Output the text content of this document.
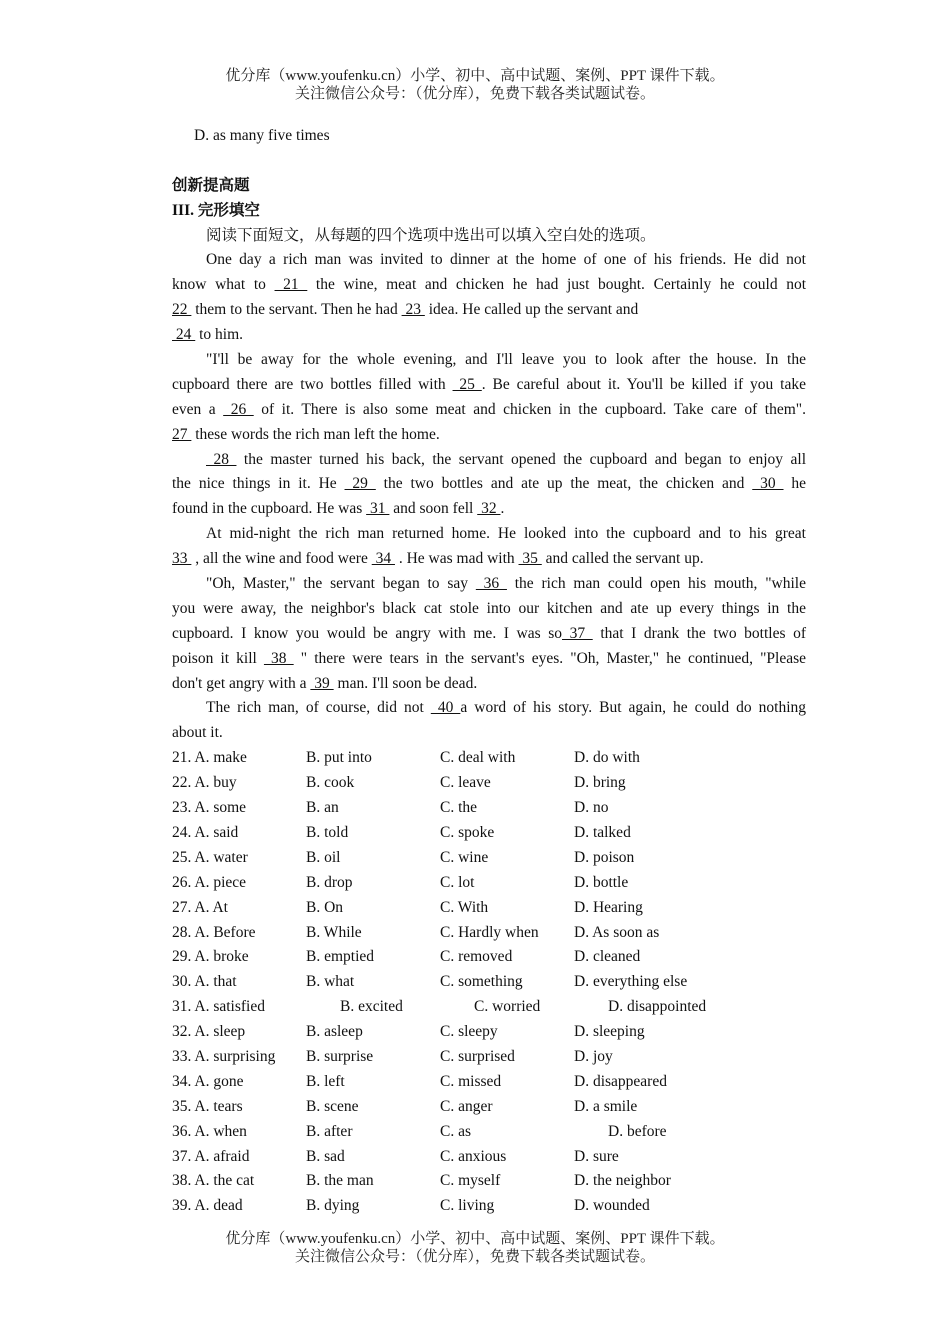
优分库（www.youfenku.cn）小学、初中、高中试题、案例、PPT 课件下载。
关注微信公众号：（优分库），免费下载各类试题试卷。
D. as many five times
创新提高题
III. 完形填空
阅读下面短文，从每题的四个选项中选出可以填入空白处的选项。
One day a rich man was invited to dinner at the home of one of his friends. He did not
know what to  21  the wine, meat and chicken he had just bought. Certainly he could not
22  them to the servant. Then he had  23  idea. He called up the servant and
24  to him.
"I'll be away for the whole evening, and I'll leave you to look after the house. In the
cupboard there are two bottles filled with  25 . Be careful about it. You'll be killed if you take
even a  26  of it. There is also some meat and chicken in the cupboard. Take care of them".
27  these words the rich man left the home.
28  the master turned his back, the servant opened the cupboard and began to enjoy all
the nice things in it. He  29  the two bottles and ate up the meat, the chicken and  30  he
found in the cupboard. He was  31  and soon fell  32 .
At mid-night the rich man returned home. He looked into the cupboard and to his great
33  , all the wine and food were  34  . He was mad with  35  and called the servant up.
"Oh, Master," the servant began to say  36  the rich man could open his mouth, "while
you were away, the neighbor's black cat stole into our kitchen and ate up every things in the
cupboard. I know you would be angry with me. I was so 37  that I drank the two bottles of
poison it kill  38  " there were tears in the servant's eyes. "Oh, Master," he continued, "Please
don't get angry with a  39  man. I'll soon be dead.
The rich man, of course, did not  40 a word of his story. But again, he could do nothing
about it.
21. A. make	B. put into	C. deal with	D. do with
22. A. buy	B. cook	C. leave	D. bring
23. A. some	B. an	C. the	D. no
24. A. said	B. told	C. spoke	D. talked
25. A. water	B. oil	C. wine	D. poison
26. A. piece	B. drop	C. lot	D. bottle
27. A. At	B. On	C. With	D. Hearing
28. A. Before	B. While	C. Hardly when D. As soon as
29. A. broke	B. emptied	C. removed	D. cleaned
30. A. that	B. what	C. something	D. everything else
31. A. satisfied	B. excited	C. worried	D. disappointed
32. A. sleep	B. asleep	C. sleepy	D. sleeping
33. A. surprising B. surprise	C. surprised	D. joy
34. A. gone	B. left	C. missed	D. disappeared
35. A. tears	B. scene	C. anger	D. a smile
36. A. when	B. after	C. as	D. before
37. A. afraid	B. sad	C. anxious	D. sure
38. A. the cat	B. the man	C. myself	D. the neighbor
39. A. dead	B. dying	C. living	D. wounded
优分库（www.youfenku.cn）小学、初中、高中试题、案例、PPT 课件下载。
关注微信公众号：（优分库），免费下载各类试题试卷。
